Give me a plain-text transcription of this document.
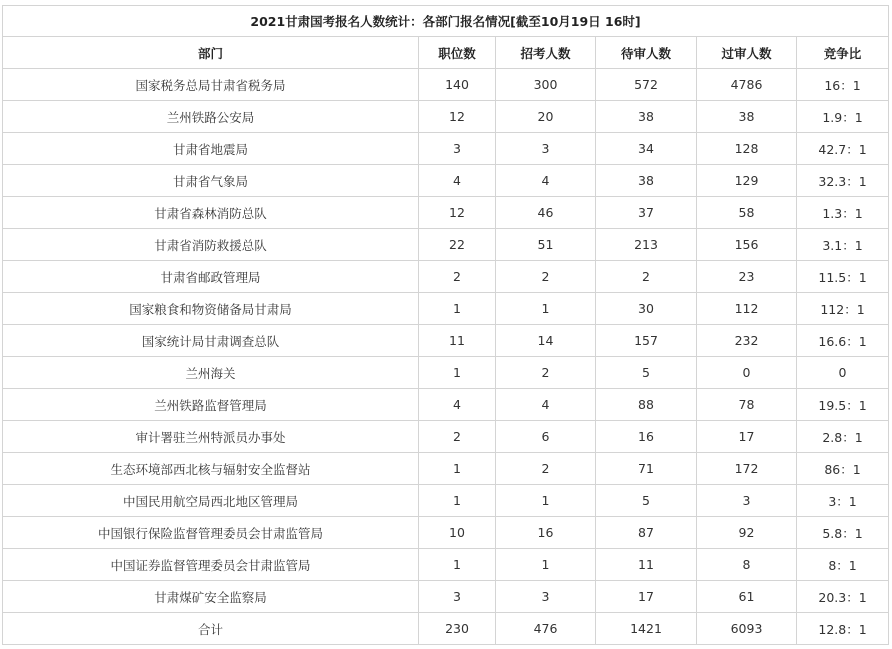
2021甘肃国考报名人数统计：各部门报名情况[截至10月19日 16时]					
部门	职位数	招考人数	待审人数	过审人数	竞争比
国家税务总局甘肃省税务局	140	300	572	4786	16：1
兰州铁路公安局	12	20	38	38	1.9：1
甘肃省地震局	3	3	34	128	42.7：1
甘肃省气象局	4	4	38	129	32.3：1
甘肃省森林消防总队	12	46	37	58	1.3：1
甘肃省消防救援总队	22	51	213	156	3.1：1
甘肃省邮政管理局	2	2	2	23	11.5：1
国家粮食和物资储备局甘肃局	1	1	30	112	112：1
国家统计局甘肃调查总队	11	14	157	232	16.6：1
兰州海关	1	2	5	0	0
兰州铁路监督管理局	4	4	88	78	19.5：1
审计署驻兰州特派员办事处	2	6	16	17	2.8：1
生态环境部西北核与辐射安全监督站	1	2	71	172	86：1
中国民用航空局西北地区管理局	1	1	5	3	3：1
中国银行保险监督管理委员会甘肃监管局	10	16	87	92	5.8：1
中国证券监督管理委员会甘肃监管局	1	1	11	8	8：1
甘肃煤矿安全监察局	3	3	17	61	20.3：1
合计	230	476	1421	6093	12.8：1
